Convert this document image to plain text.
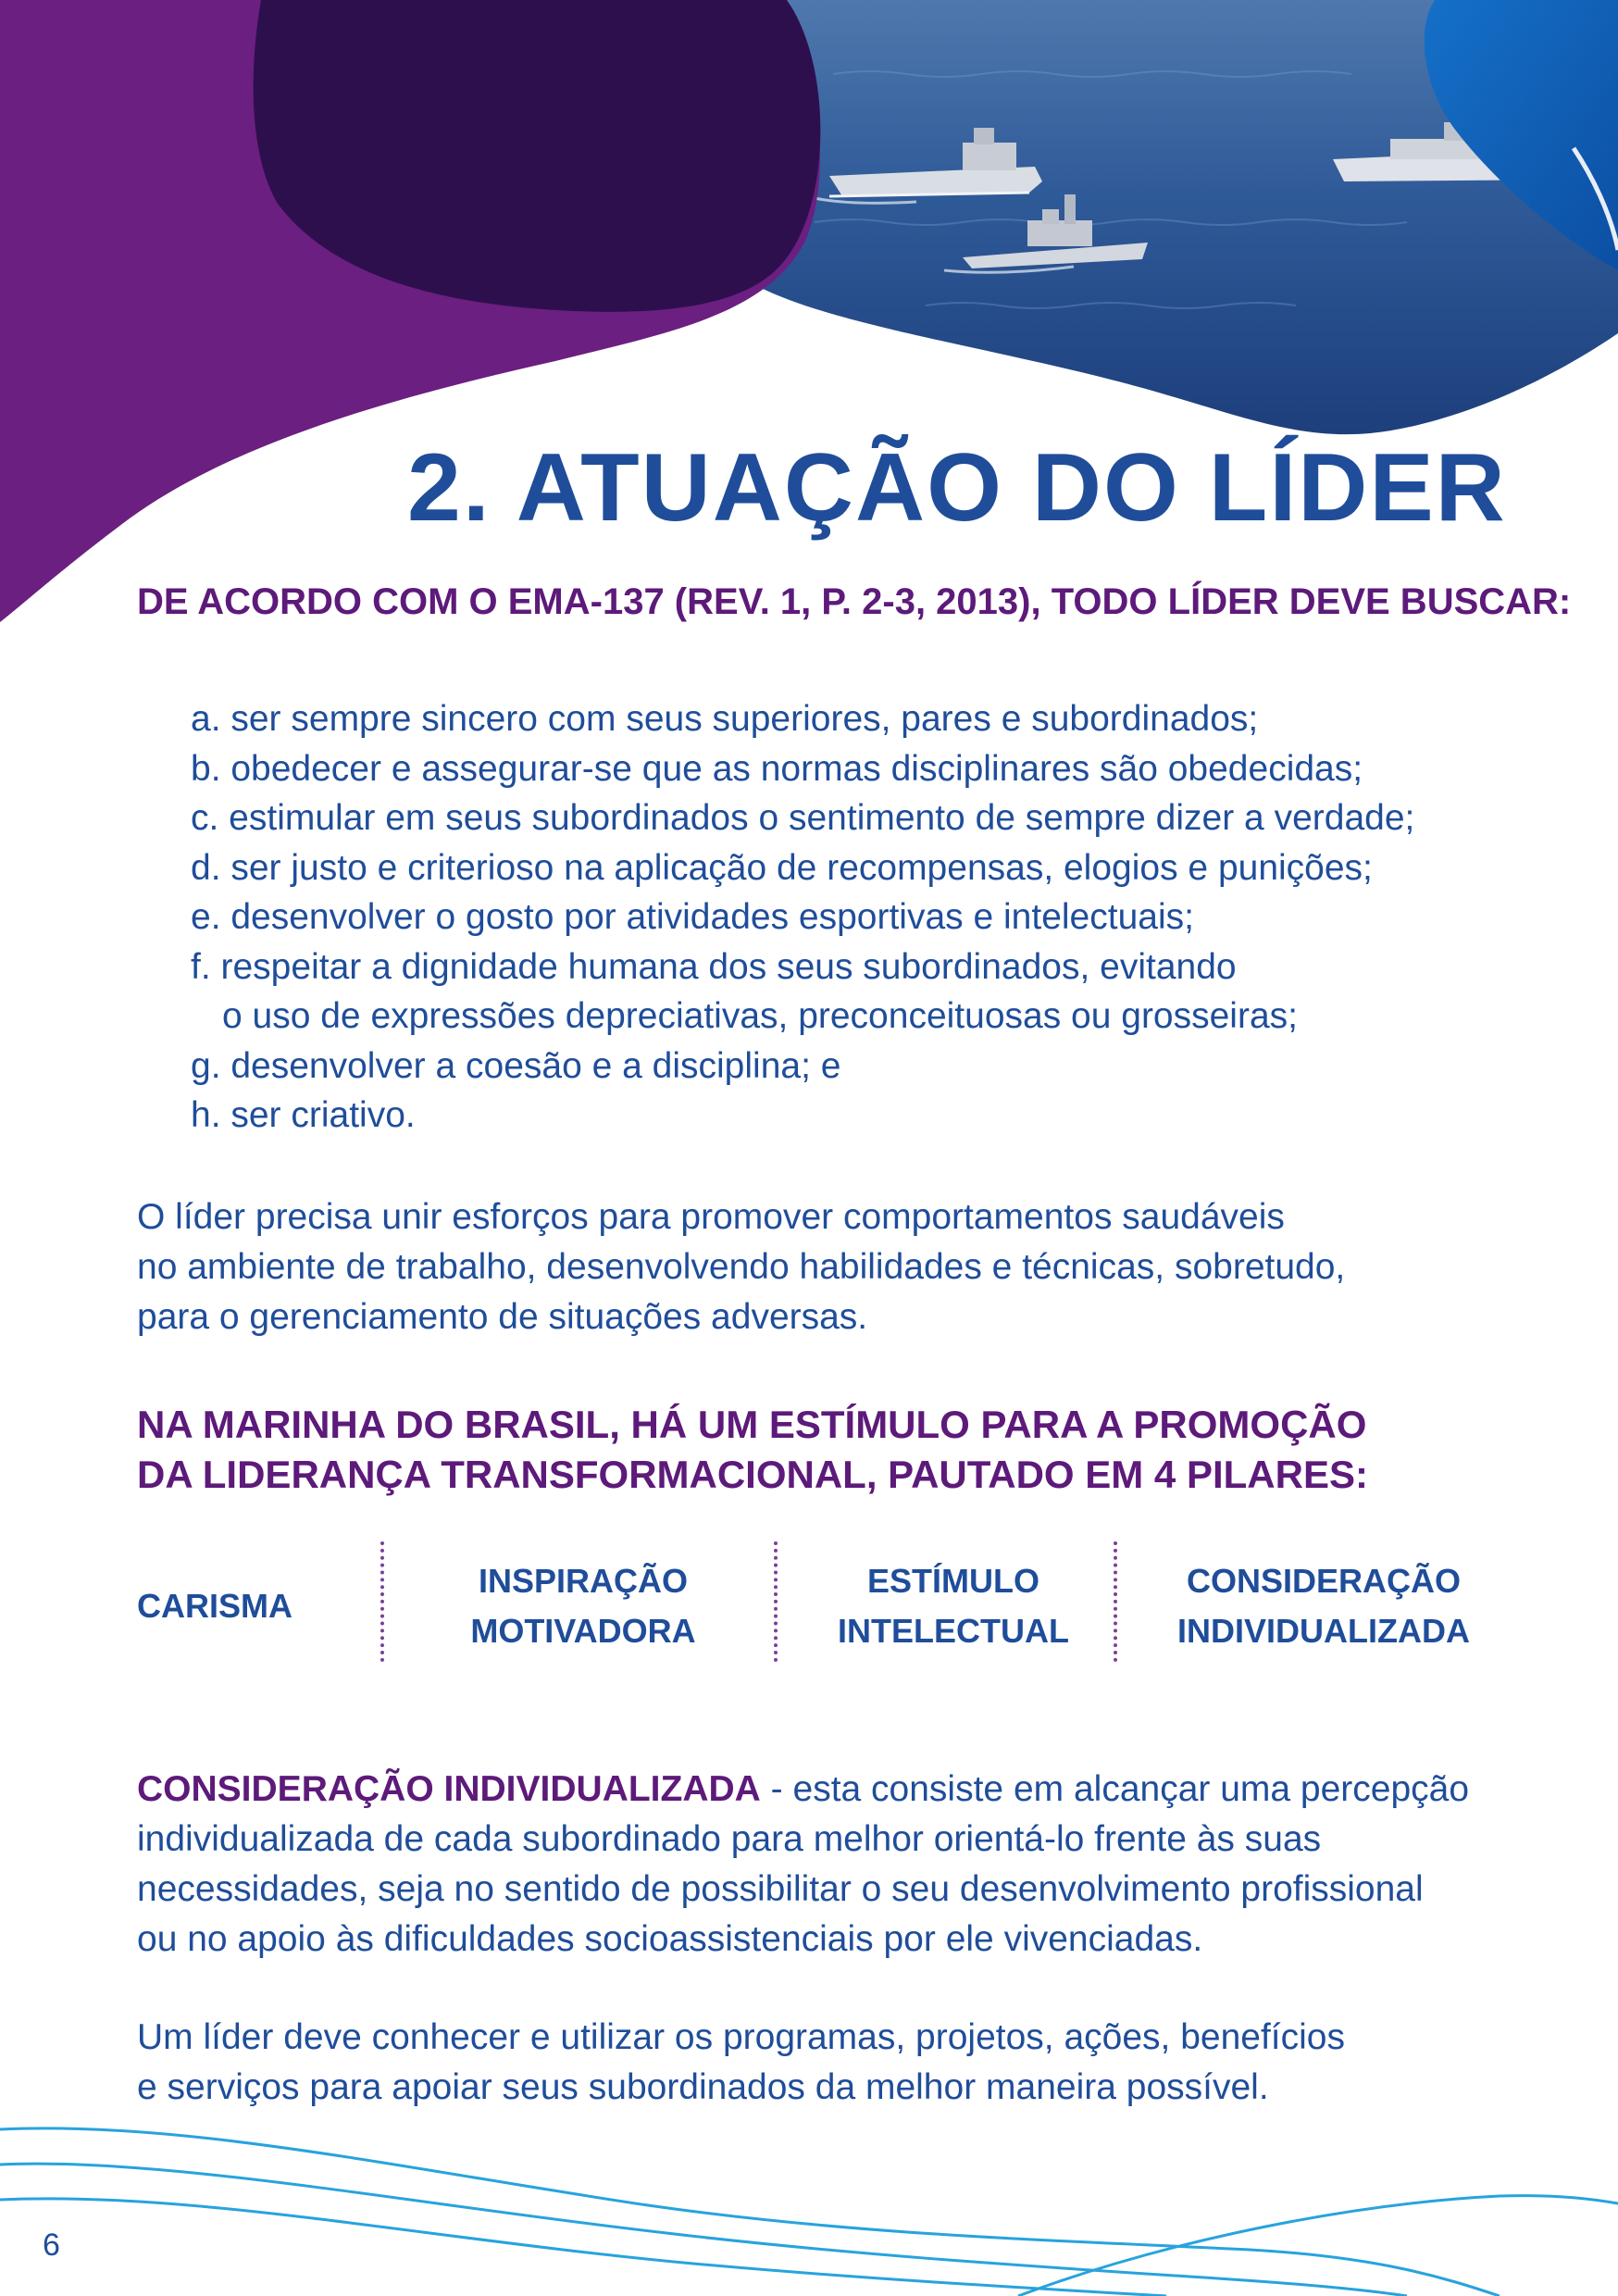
2. ATUAÇÃO DO LÍDER
DE ACORDO COM O EMA-137 (REV. 1, P. 2-3, 2013), TODO LÍDER DEVE BUSCAR:
a. ser sempre sincero com seus superiores, pares e subordinados;
b. obedecer e assegurar-se que as normas disciplinares são obedecidas;
c. estimular em seus subordinados o sentimento de sempre dizer a verdade;
d. ser justo e criterioso na aplicação de recompensas, elogios e punições;
e. desenvolver o gosto por atividades esportivas e intelectuais;
f. respeitar a dignidade humana dos seus subordinados, evitando
o uso de expressões depreciativas, preconceituosas ou grosseiras;
g. desenvolver a coesão e a disciplina; e
h. ser criativo.
O líder precisa unir esforços para promover comportamentos saudáveis
no ambiente de trabalho, desenvolvendo habilidades e técnicas, sobretudo,
para o gerenciamento de situações adversas.
NA MARINHA DO BRASIL, HÁ UM ESTÍMULO PARA A PROMOÇÃO
DA LIDERANÇA TRANSFORMACIONAL, PAUTADO EM 4 PILARES:
CARISMA
INSPIRAÇÃO
MOTIVADORA
ESTÍMULO
INTELECTUAL
CONSIDERAÇÃO
INDIVIDUALIZADA
CONSIDERAÇÃO INDIVIDUALIZADA - esta consiste em alcançar uma percepção
individualizada de cada subordinado para melhor orientá-lo frente às suas
necessidades, seja no sentido de possibilitar o seu desenvolvimento profissional
ou no apoio às dificuldades socioassistenciais por ele vivenciadas.
Um líder deve conhecer e utilizar os programas, projetos, ações, benefícios
e serviços para apoiar seus subordinados da melhor maneira possível.
6
